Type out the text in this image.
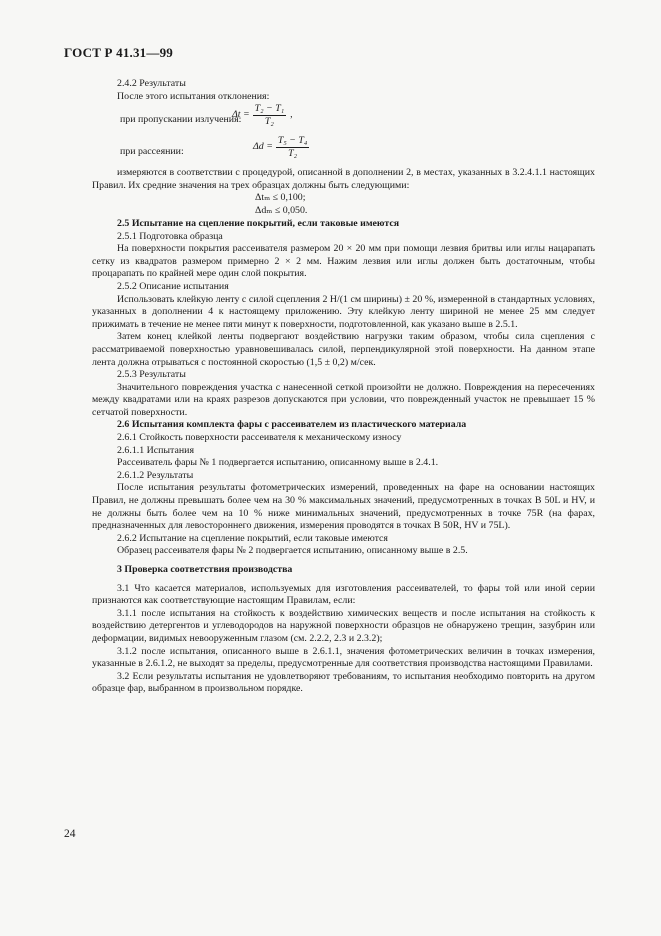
ГОСТ Р 41.31—99

2.4.2 Результаты

После этого испытания отклонения:

при пропускании излучения:
$\Delta t = \frac{\text{T₂ − T₁}}{\text{T₂}}$ ,
при рассеянии:	$\Delta d = \frac{\text{T₅ − T₄}}{\text{T₂}}$

измеряются в соответствии с процедурой, описанной в дополнении 2, в местах, указанных в 3.2.4.1.1 настоящих Правил. Их средние значения на трех образцах должны быть следующими:

Δtₘ ≤ 0,100;

Δdₘ ≤ 0,050.

2.5 Испытание на сцепление покрытий, если таковые имеются

2.5.1 Подготовка образца

На поверхности покрытия рассеивателя размером 20 × 20 мм при помощи лезвия бритвы или иглы нацарапать сетку из квадратов размером примерно 2 × 2 мм. Нажим лезвия или иглы должен быть достаточным, чтобы процарапать по крайней мере один слой покрытия.

2.5.2 Описание испытания

Использовать клейкую ленту с силой сцепления 2 Н/(1 см ширины) ± 20 %, измеренной в стандартных условиях, указанных в дополнении 4 к настоящему приложению. Эту клейкую ленту шириной не менее 25 мм следует прижимать в течение не менее пяти минут к поверхности, подготовленной, как указано выше в 2.5.1.

Затем конец клейкой ленты подвергают воздействию нагрузки таким образом, чтобы сила сцепления с рассматриваемой поверхностью уравновешивалась силой, перпендикулярной этой поверхности. На данном этапе лента должна отрываться с постоянной скоростью (1,5 ± 0,2) м/сек.

2.5.3 Результаты

Значительного повреждения участка с нанесенной сеткой произойти не должно. Повреждения на пересечениях между квадратами или на краях разрезов допускаются при условии, что поврежденный участок не превышает 15 % сетчатой поверхности.

2.6 Испытания комплекта фары с рассеивателем из пластического материала

2.6.1 Стойкость поверхности рассеивателя к механическому износу

2.6.1.1 Испытания

Рассеиватель фары № 1 подвергается испытанию, описанному выше в 2.4.1.

2.6.1.2 Результаты

После испытания результаты фотометрических измерений, проведенных на фаре на основании настоящих Правил, не должны превышать более чем на 30 % максимальных значений, предусмотренных в точках B 50L и HV, и не должны быть более чем на 10 % ниже минимальных значений, предусмотренных в точке 75R (на фарах, предназначенных для левостороннего движения, измерения проводятся в точках B 50R, HV и 75L).

2.6.2 Испытание на сцепление покрытий, если таковые имеются

Образец рассеивателя фары № 2 подвергается испытанию, описанному выше в 2.5.

3 Проверка соответствия производства

3.1 Что касается материалов, используемых для изготовления рассеивателей, то фары той или иной серии признаются как соответствующие настоящим Правилам, если:

3.1.1 после испытания на стойкость к воздействию химических веществ и после испытания на стойкость к воздействию детергентов и углеводородов на наружной поверхности образцов не обнаружено трещин, зазубрин или деформации, видимых невооруженным глазом (см. 2.2.2, 2.3 и 2.3.2);

3.1.2 после испытания, описанного выше в 2.6.1.1, значения фотометрических величин в точках измерения, указанные в 2.6.1.2, не выходят за пределы, предусмотренные для соответствия производства настоящими Правилами.

3.2 Если результаты испытания не удовлетворяют требованиям, то испытания необходимо повторить на другом образце фар, выбранном в произвольном порядке.

24
